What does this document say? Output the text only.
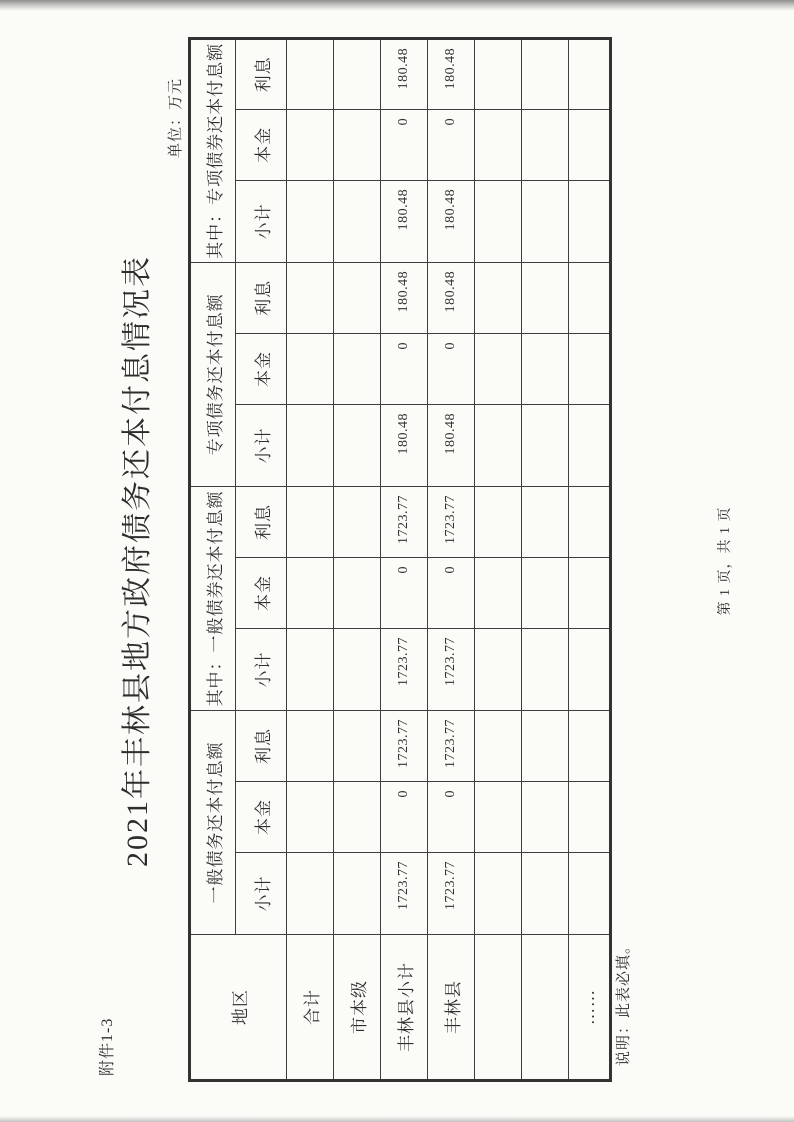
附件1-3
2021年丰林县地方政府债务还本付息情况表
单位：万元
地区	一般债务还本付息额			其中：一般债券还本付息额			专项债务还本付息额			其中：专项债券还本付息额		
	小计	本金	利息	小计	本金	利息	小计	本金	利息	小计	本金	利息
合计												
市本级												
丰林县小计	1723.77	0	1723.77	1723.77	0	1723.77	180.48	0	180.48	180.48	0	180.48
丰林县	1723.77	0	1723.77	1723.77	0	1723.77	180.48	0	180.48	180.48	0	180.48

……												说明：此表必填。
第 1 页，共 1 页
